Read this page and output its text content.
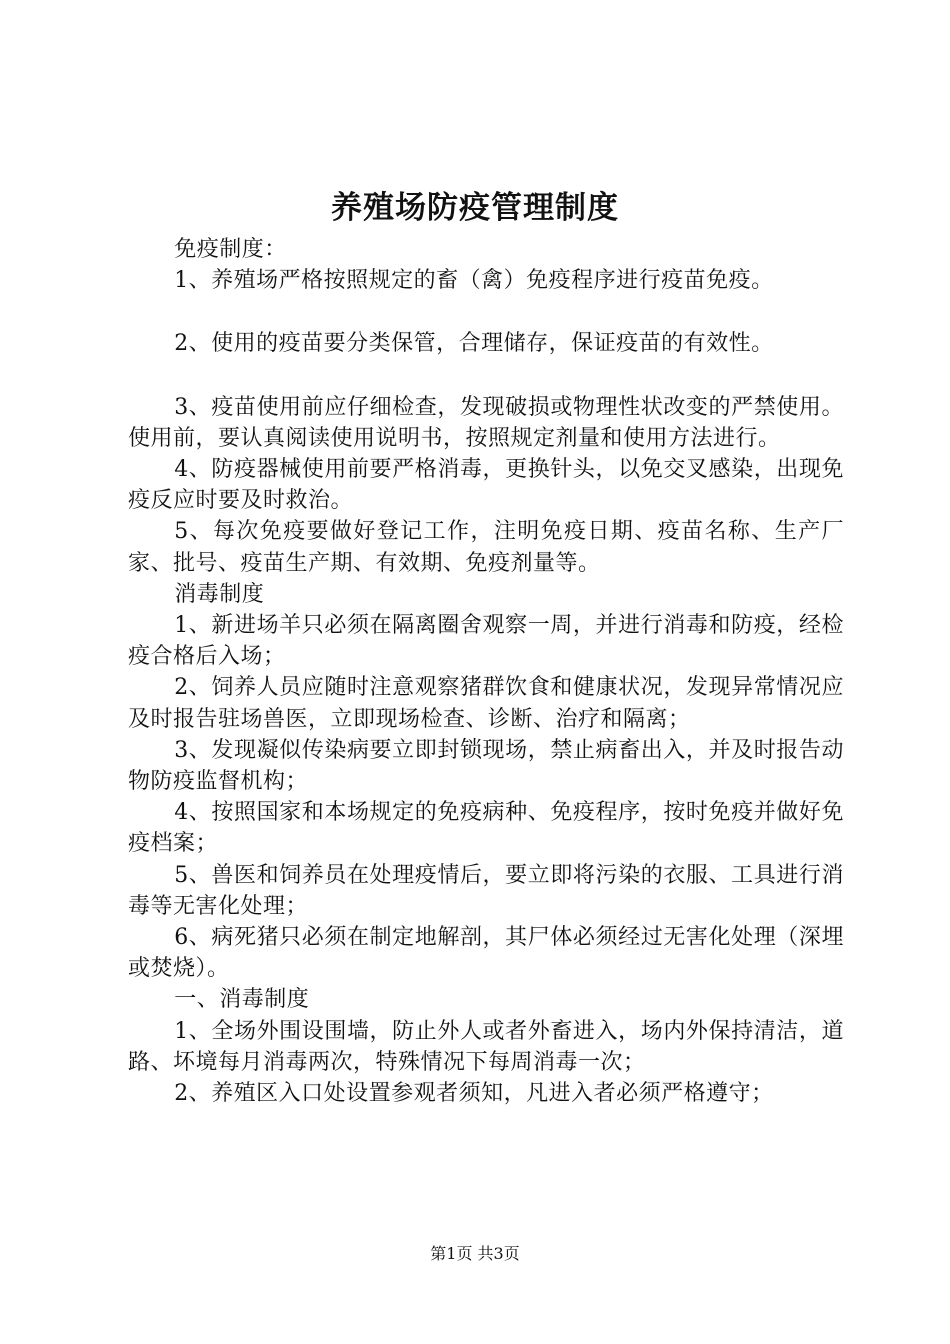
养殖场防疫管理制度

免疫制度：

1、养殖场严格按照规定的畜（禽）免疫程序进行疫苗免疫。

2、使用的疫苗要分类保管，合理储存，保证疫苗的有效性。

3、疫苗使用前应仔细检查，发现破损或物理性状改变的严禁使用。使用前，要认真阅读使用说明书，按照规定剂量和使用方法进行。

4、防疫器械使用前要严格消毒，更换针头，以免交叉感染，出现免疫反应时要及时救治。

5、每次免疫要做好登记工作，注明免疫日期、疫苗名称、生产厂家、批号、疫苗生产期、有效期、免疫剂量等。

消毒制度

1、新进场羊只必须在隔离圈舍观察一周，并进行消毒和防疫，经检疫合格后入场；

2、饲养人员应随时注意观察猪群饮食和健康状况，发现异常情况应及时报告驻场兽医，立即现场检查、诊断、治疗和隔离；

3、发现凝似传染病要立即封锁现场，禁止病畜出入，并及时报告动物防疫监督机构；

4、按照国家和本场规定的免疫病种、免疫程序，按时免疫并做好免疫档案；

5、兽医和饲养员在处理疫情后，要立即将污染的衣服、工具进行消毒等无害化处理；

6、病死猪只必须在制定地解剖，其尸体必须经过无害化处理（深埋或焚烧）。

一、消毒制度

1、全场外围设围墙，防止外人或者外畜进入，场内外保持清洁，道路、坏境每月消毒两次，特殊情况下每周消毒一次；

2、养殖区入口处设置参观者须知，凡进入者必须严格遵守；

第1页 共3页
